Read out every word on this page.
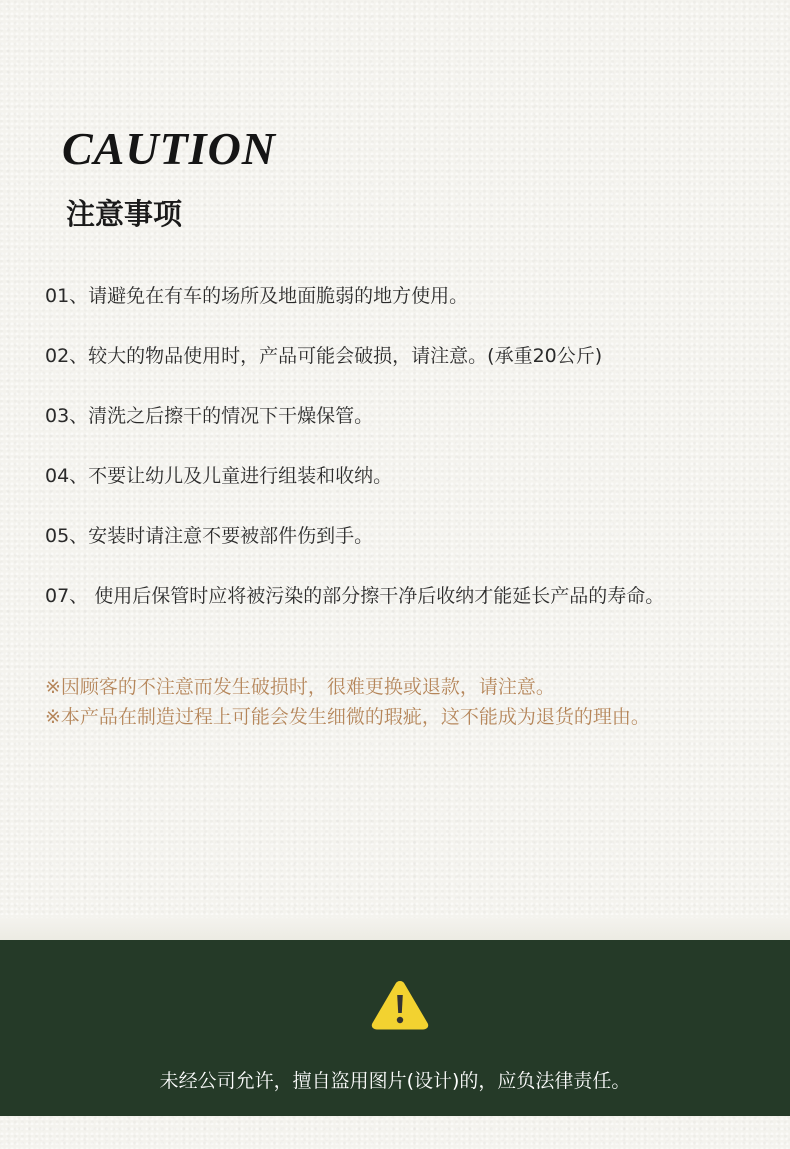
CAUTION
注意事项
01、请避免在有车的场所及地面脆弱的地方使用。
02、较大的物品使用时，产品可能会破损，请注意。(承重20公斤)
03、清洗之后擦干的情况下干燥保管。
04、不要让幼儿及儿童进行组装和收纳。
05、安装时请注意不要被部件伤到手。
07、 使用后保管时应将被污染的部分擦干净后收纳才能延长产品的寿命。
※因顾客的不注意而发生破损时，很难更换或退款，请注意。
※本产品在制造过程上可能会发生细微的瑕疵，这不能成为退货的理由。
未经公司允许，擅自盗用图片(设计)的，应负法律责任。
